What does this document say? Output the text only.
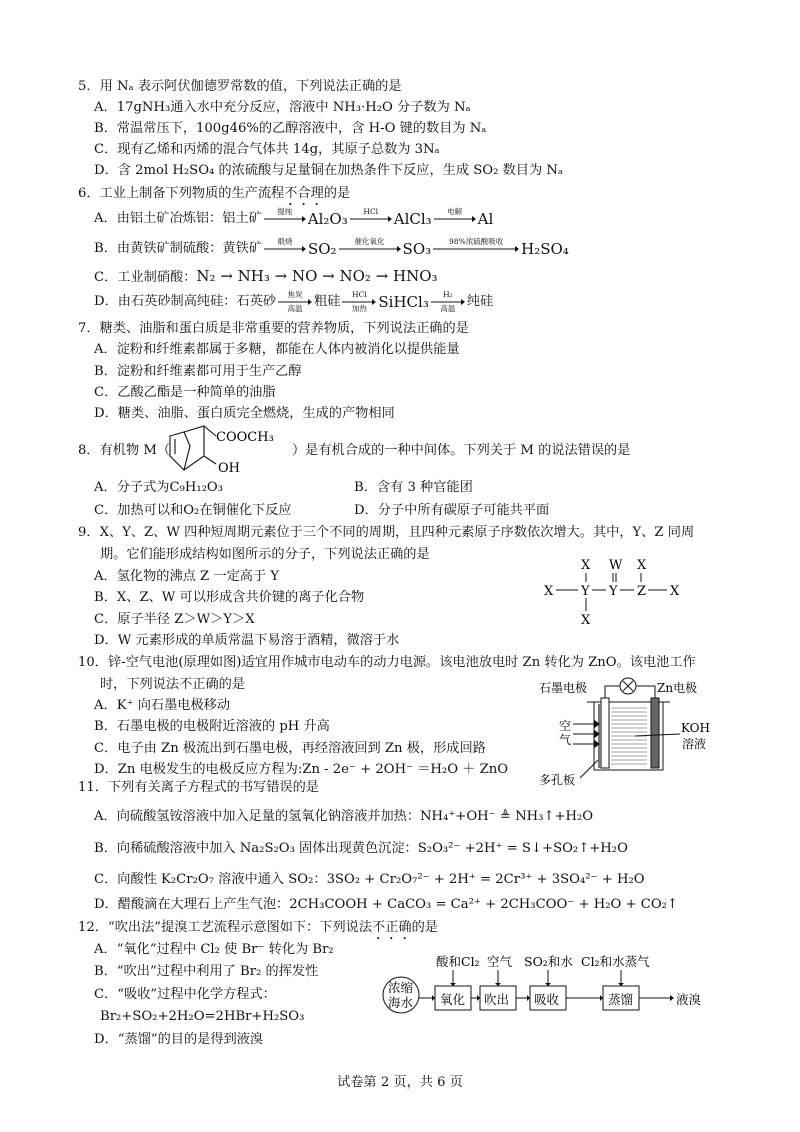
5．用 Nₐ 表示阿伏伽德罗常数的值，下列说法正确的是
A．17gNH₃通入水中充分反应，溶液中 NH₃·H₂O 分子数为 Nₐ
B．常温常压下，100g46%的乙醇溶液中，含 H-O 键的数目为 Nₐ
C．现有乙烯和丙烯的混合气体共 14g，其原子总数为 3Nₐ
D．含 2mol H₂SO₄ 的浓硫酸与足量铜在加热条件下反应，生成 SO₂ 数目为 Nₐ
6．工业上制备下列物质的生产流程不合理的是
A．由铝土矿冶炼铝：铝土矿 提纯 Al₂O₃ HCl AlCl₃ 电解 Al
B．由黄铁矿制硫酸：黄铁矿 煅烧 SO₂ 催化氧化 SO₃ 98%浓硫酸吸收 H₂SO₄
C．工业制硝酸：N₂ → NH₃ → NO → NO₂ → HNO₃
D．由石英砂制高纯硅：石英砂 焦炭
高温 粗硅 HCl
加热 SiHCl₃ H₂
高温 纯硅
7．糖类、油脂和蛋白质是非常重要的营养物质，下列说法正确的是
A．淀粉和纤维素都属于多糖，都能在人体内被消化以提供能量
B．淀粉和纤维素都可用于生产乙醇
C．乙酸乙酯是一种简单的油脂
D．糖类、油脂、蛋白质完全燃烧，生成的产物相同
8．有机物 M（
COOCH₃
OH
）是有机合成的一种中间体。下列关于 M 的说法错误的是
A．分子式为C₉H₁₂O₃	B．含有 3 种官能团
C．加热可以和O₂在铜催化下反应	D．分子中所有碳原子可能共平面
9．X、Y、Z、W 四种短周期元素位于三个不同的周期，且四种元素原子序数依次增大。其中，Y、Z 同周
期。它们能形成结构如图所示的分子，下列说法正确的是
A．氢化物的沸点 Z 一定高于 Y
B．X、Z、W 可以形成含共价键的离子化合物
C．原子半径 Z＞W＞Y＞X
D．W 元素形成的单质常温下易溶于酒精，微溶于水
X W X
X Y Y Z X
X
10．锌-空气电池(原理如图)适宜用作城市电动车的动力电源。该电池放电时 Zn 转化为 ZnO。该电池工作
时，下列说法不正确的是
A．K⁺ 向石墨电极移动
B．石墨电极的电极附近溶液的 pH 升高
C．电子由 Zn 极流出到石墨电极，再经溶液回到 Zn 极，形成回路
D．Zn 电极发生的电极反应方程为:Zn - 2e⁻ + 2OH⁻ ＝H₂O ＋ ZnO
石墨电极	Zn电极
KOH
溶液
空
气
多孔板
11．下列有关离子方程式的书写错误的是
A．向硫酸氢铵溶液中加入足量的氢氧化钠溶液并加热：NH₄⁺+OH⁻ ≜ NH₃↑+H₂O
B．向稀硫酸溶液中加入 Na₂S₂O₃ 固体出现黄色沉淀：S₂O₃²⁻ +2H⁺ = S↓+SO₂↑+H₂O
C．向酸性 K₂Cr₂O₇ 溶液中通入 SO₂：3SO₂ + Cr₂O₇²⁻ + 2H⁺ = 2Cr³⁺ + 3SO₄²⁻ + H₂O
D．醋酸滴在大理石上产生气泡：2CH₃COOH + CaCO₃ = Ca²⁺ + 2CH₃COO⁻ + H₂O + CO₂↑
12．“吹出法”提溴工艺流程示意图如下：下列说法不正确的是
A．“氧化”过程中 Cl₂ 使 Br⁻ 转化为 Br₂
B．“吹出”过程中利用了 Br₂ 的挥发性
C．“吸收”过程中化学方程式：
Br₂+SO₂+2H₂O=2HBr+H₂SO₃
D．“蒸馏”的目的是得到液溴
酸和Cl₂ 空气 SO₂和水 Cl₂和水蒸气
浓缩
海水 氧化 吹出 吸收	蒸馏	液溴
试卷第 2 页，共 6 页
